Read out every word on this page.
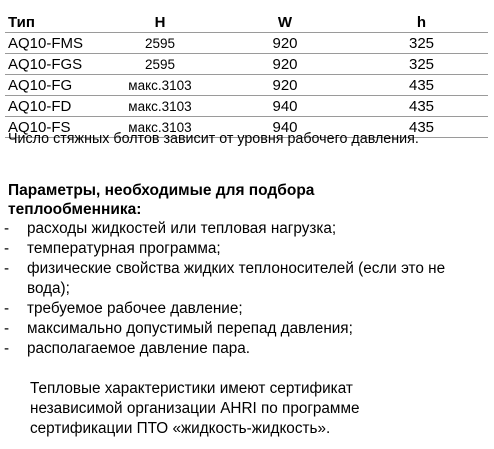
Тип	H	W	h
AQ10-FMS	2595	920	325
AQ10-FGS	2595	920	325
AQ10-FG	макс.3103	920	435
AQ10-FD	макс.3103	940	435
AQ10-FS	макс.3103	940	435
Число стяжных болтов зависит от уровня рабочего давления.
Параметры, необходимые для подбора
теплообменника:
- расходы жидкостей или тепловая нагрузка;
- температурная программа;
- физические свойства жидких теплоносителей (если это не вода);
- требуемое рабочее давление;
- максимально допустимый перепад давления;
- располагаемое давление пара.
Тепловые характеристики имеют сертификат
независимой организации AHRI по программе
сертификации ПТО «жидкость-жидкость».
